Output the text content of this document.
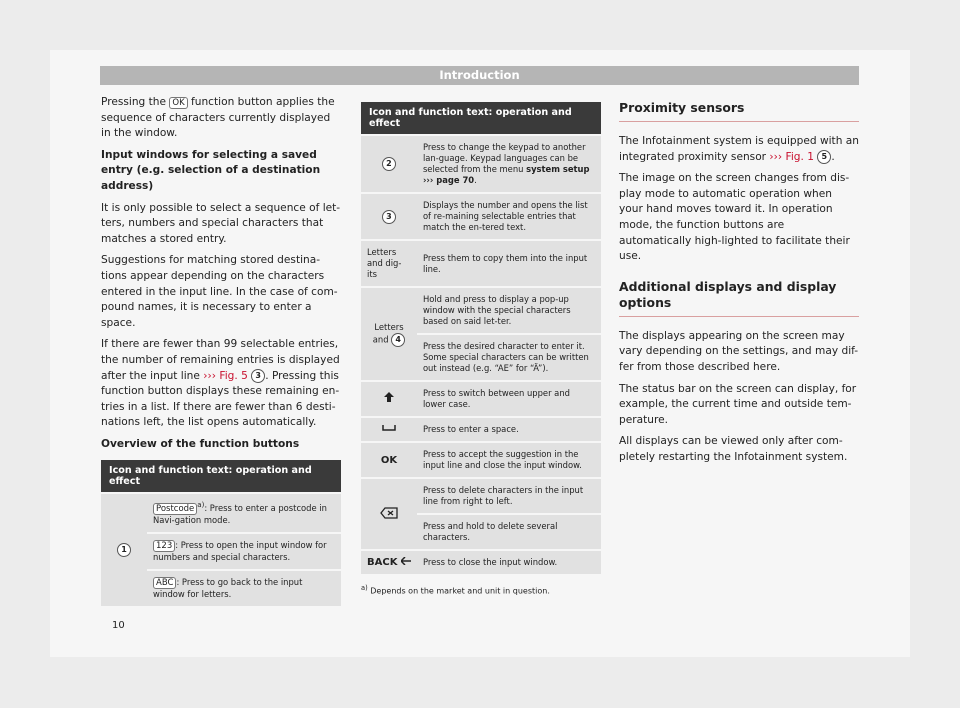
Introduction

Pressing the OK function button applies the sequence of characters currently displayed in the window.

Input windows for selecting a saved entry (e.g. selection of a destination address)

It is only possible to select a sequence of let-ters, numbers and special characters that matches a stored entry.

Suggestions for matching stored destina-tions appear depending on the characters entered in the input line. In the case of com-pound names, it is necessary to enter a space.

If there are fewer than 99 selectable entries, the number of remaining entries is displayed after the input line ››› Fig. 5 3 . Pressing this function button displays these remaining en-tries in a list. If there are fewer than 6 desti-nations left, the list opens automatically.

Overview of the function buttons

Icon and function text: operation and effect
1	Postcode $^{a)}$: Press to enter a postcode in Navi-gation mode.
123 : Press to open the input window for numbers and special characters.
ABC : Press to go back to the input window for letters.
Icon and function text: operation and effect	
2	Press to change the keypad to another lan-guage. Keypad languages can be selected from the menu system setup ››› page 70.
3	Displays the number and opens the list of re-maining selectable entries that match the en-tered text.
Letters and dig-its	Press them to copy them into the input line.
Letters and 4	Hold and press to display a pop-up window with the special characters based on said let-ter.
	Press the desired character to enter it. Some special characters can be written out instead (e.g. “AE” for “Ä”).
	Press to switch between upper and lower case.
	Press to enter a space.
OK	Press to accept the suggestion in the input line and close the input window.
	Press to delete characters in the input line from right to left.
	Press and hold to delete several characters.
BACK	Press to close the input window.
$^{a)}$ Depends on the market and unit in question.
Proximity sensors

The Infotainment system is equipped with an integrated proximity sensor ››› Fig. 1 5 .

The image on the screen changes from dis-play mode to automatic operation when your hand moves toward it. In operation mode, the function buttons are automatically high-lighted to facilitate their use.

Additional displays and display options

The displays appearing on the screen may vary depending on the settings, and may dif-fer from those described here.

The status bar on the screen can display, for example, the current time and outside tem-perature.

All displays can be viewed only after com-pletely restarting the Infotainment system.

10
